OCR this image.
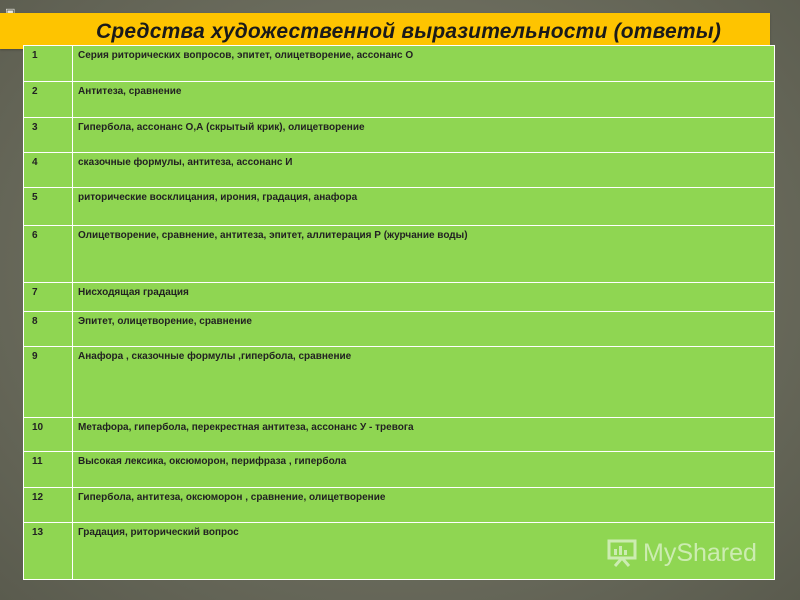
Средства художественной выразительности (ответы)
1	Серия риторических вопросов, эпитет, олицетворение, ассонанс О
2	Антитеза, сравнение
3	Гипербола, ассонанс О,А (скрытый крик), олицетворение
4	сказочные формулы, антитеза, ассонанс И
5	риторические восклицания, ирония, градация, анафора
6	Олицетворение, сравнение, антитеза, эпитет, аллитерация Р (журчание воды)
7	Нисходящая градация
8	Эпитет, олицетворение, сравнение
9	Анафора , сказочные формулы ,гипербола, сравнение
10	Метафора, гипербола, перекрестная антитеза, ассонанс У - тревога
11	Высокая лексика, оксюморон, перифраза , гипербола
12	Гипербола, антитеза, оксюморон , сравнение, олицетворение
13	Градация, риторический вопрос
MyShared
